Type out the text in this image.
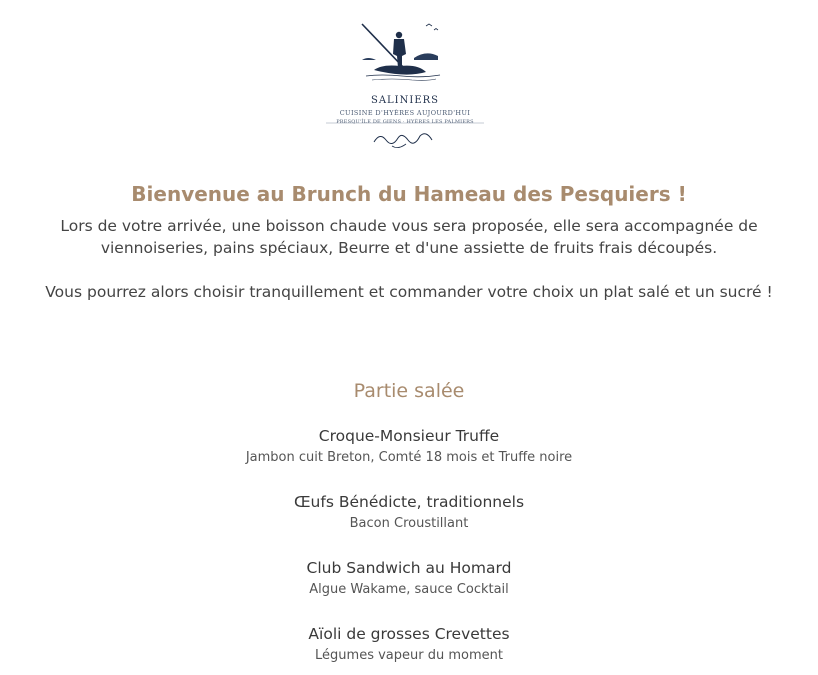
SALINIERS
CUISINE D'HYÈRES AUJOURD'HUI
PRESQU'ÎLE DE GIENS · HYÈRES LES PALMIERS
Bienvenue au Brunch du Hameau des Pesquiers !

Lors de votre arrivée, une boisson chaude vous sera proposée, elle sera accompagnée de viennoiseries, pains spéciaux, Beurre et d'une assiette de fruits frais découpés.

Vous pourrez alors choisir tranquillement et commander votre choix un plat salé et un sucré !

Partie salée
Croque-Monsieur Truffe
Jambon cuit Breton, Comté 18 mois et Truffe noire
Œufs Bénédicte, traditionnels
Bacon Croustillant
Club Sandwich au Homard
Algue Wakame, sauce Cocktail
Aïoli de grosses Crevettes
Légumes vapeur du moment
